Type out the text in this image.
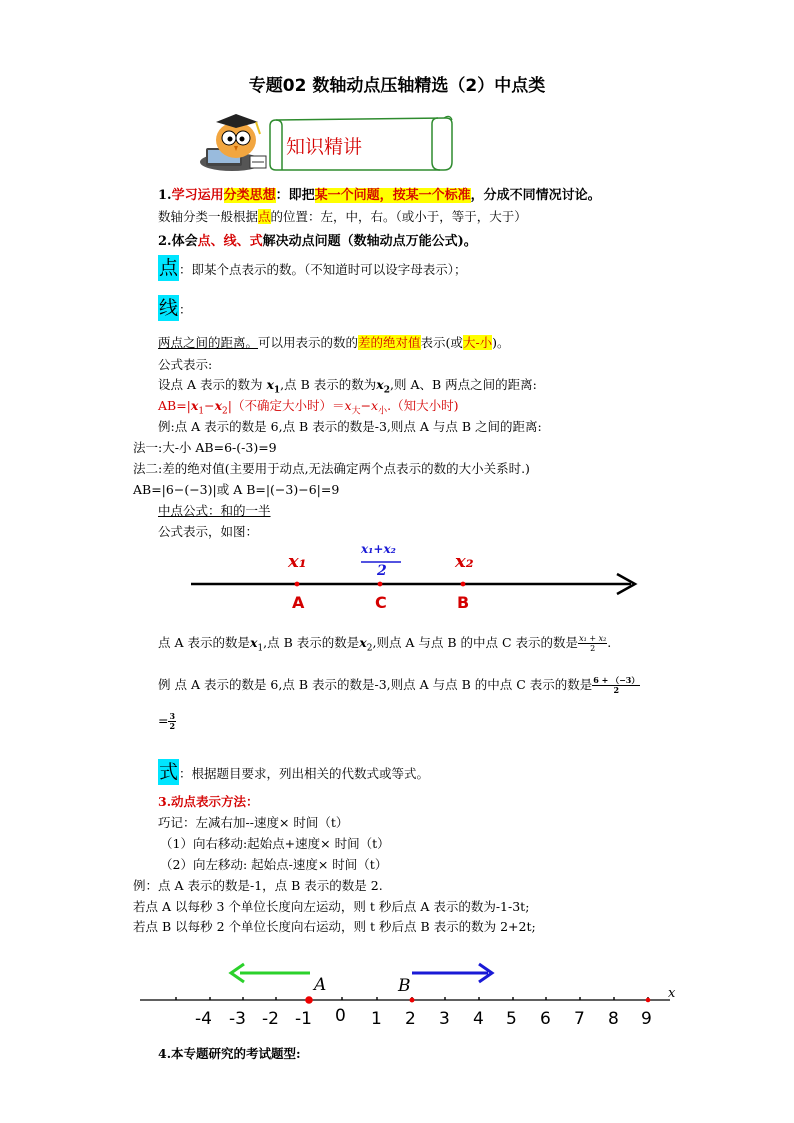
专题02 数轴动点压轴精选（2）中点类
知识精讲
1.学习运用分类思想：即把某一个问题，按某一个标准，分成不同情况讨论。
数轴分类一般根据点的位置：左，中，右。（或小于，等于，大于）
2.体会点、线、式解决动点问题（数轴动点万能公式)。
点：即某个点表示的数。（不知道时可以设字母表示）；
线：
两点之间的距离。可以用表示的数的差的绝对值表示(或大-小)。
公式表示:
设点 A 表示的数为 $x_1$,点 B 表示的数为$x_2$,则 A、B 两点之间的距离:
$AB=|x_1-x_2|$（不确定大小时）$=x_大-x_小$.（知大小时)
例:点 A 表示的数是 6,点 B 表示的数是-3,则点 A 与点 B 之间的距离:
法一:大-小 AB=6-(-3)=9
法二:差的绝对值(主要用于动点,无法确定两个点表示的数的大小关系时.)
AB=|6−(−3)|或 A B=|(−3)−6|=9
中点公式：和的一半
公式表示，如图：
x₁
x₁+x₂
2	x₂
A	C	B
点 A 表示的数是$x_1$,点 B 表示的数是$x_2$,则点 A 与点 B 的中点 C 表示的数是 $\frac{\text{x₁ + x₂}}{2}$ .
例 点 A 表示的数是 6,点 B 表示的数是-3,则点 A 与点 B 的中点 C 表示的数是 $\frac{6 + (-3)}{2}$
= $\frac{3}{2}$
式：根据题目要求，列出相关的代数式或等式。
3.动点表示方法：
巧记：左减右加--速度× 时间（t）
（1）向右移动:起始点+速度× 时间（t）
（2）向左移动: 起始点-速度× 时间（t）
例：点 A 表示的数是-1，点 B 表示的数是 2.
若点 A 以每秒 3 个单位长度向左运动，则 t 秒后点 A 表示的数为-1-3t;
若点 B 以每秒 2 个单位长度向右运动，则 t 秒后点 B 表示的数为 2+2t;
A	B	x
-4 -3 -2 -1 0 1 2 3 4 5 6 7 8 9
4.本专题研究的考试题型:
